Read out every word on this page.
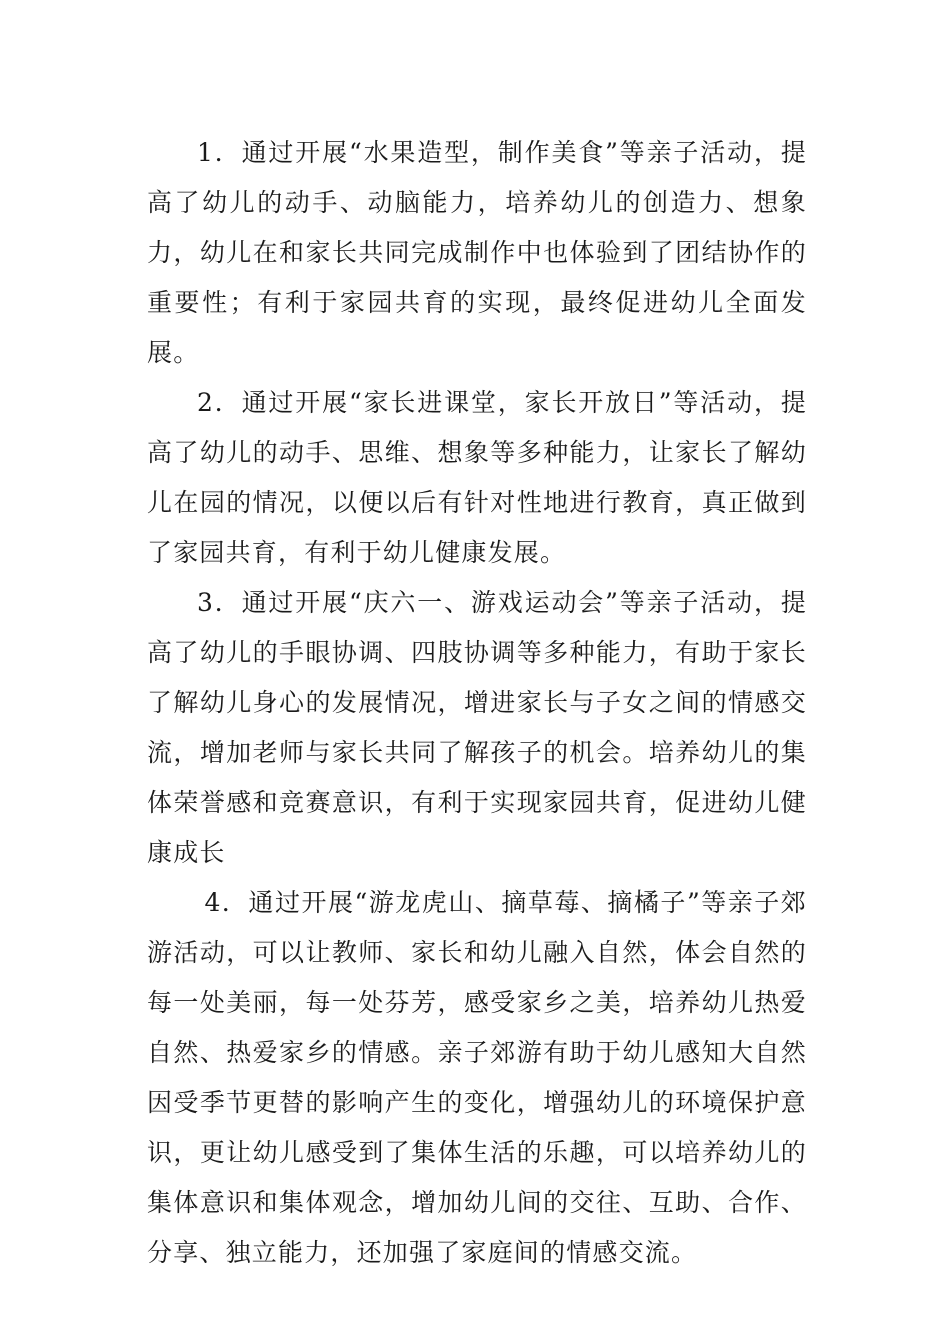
1．通过开展“水果造型，制作美食”等亲子活动，提高了幼儿的动手、动脑能力，培养幼儿的创造力、想象力，幼儿在和家长共同完成制作中也体验到了团结协作的重要性；有利于家园共育的实现，最终促进幼儿全面发展。

2．通过开展“家长进课堂，家长开放日”等活动，提高了幼儿的动手、思维、想象等多种能力，让家长了解幼儿在园的情况，以便以后有针对性地进行教育，真正做到了家园共育，有利于幼儿健康发展。

3．通过开展“庆六一、游戏运动会”等亲子活动，提高了幼儿的手眼协调、四肢协调等多种能力，有助于家长了解幼儿身心的发展情况，增进家长与子女之间的情感交流，增加老师与家长共同了解孩子的机会。培养幼儿的集体荣誉感和竞赛意识，有利于实现家园共育，促进幼儿健康成长

4．通过开展“游龙虎山、摘草莓、摘橘子”等亲子郊游活动，可以让教师、家长和幼儿融入自然，体会自然的每一处美丽，每一处芬芳，感受家乡之美，培养幼儿热爱自然、热爱家乡的情感。亲子郊游有助于幼儿感知大自然因受季节更替的影响产生的变化，增强幼儿的环境保护意识，更让幼儿感受到了集体生活的乐趣，可以培养幼儿的集体意识和集体观念，增加幼儿间的交往、互助、合作、分享、独立能力，还加强了家庭间的情感交流。
